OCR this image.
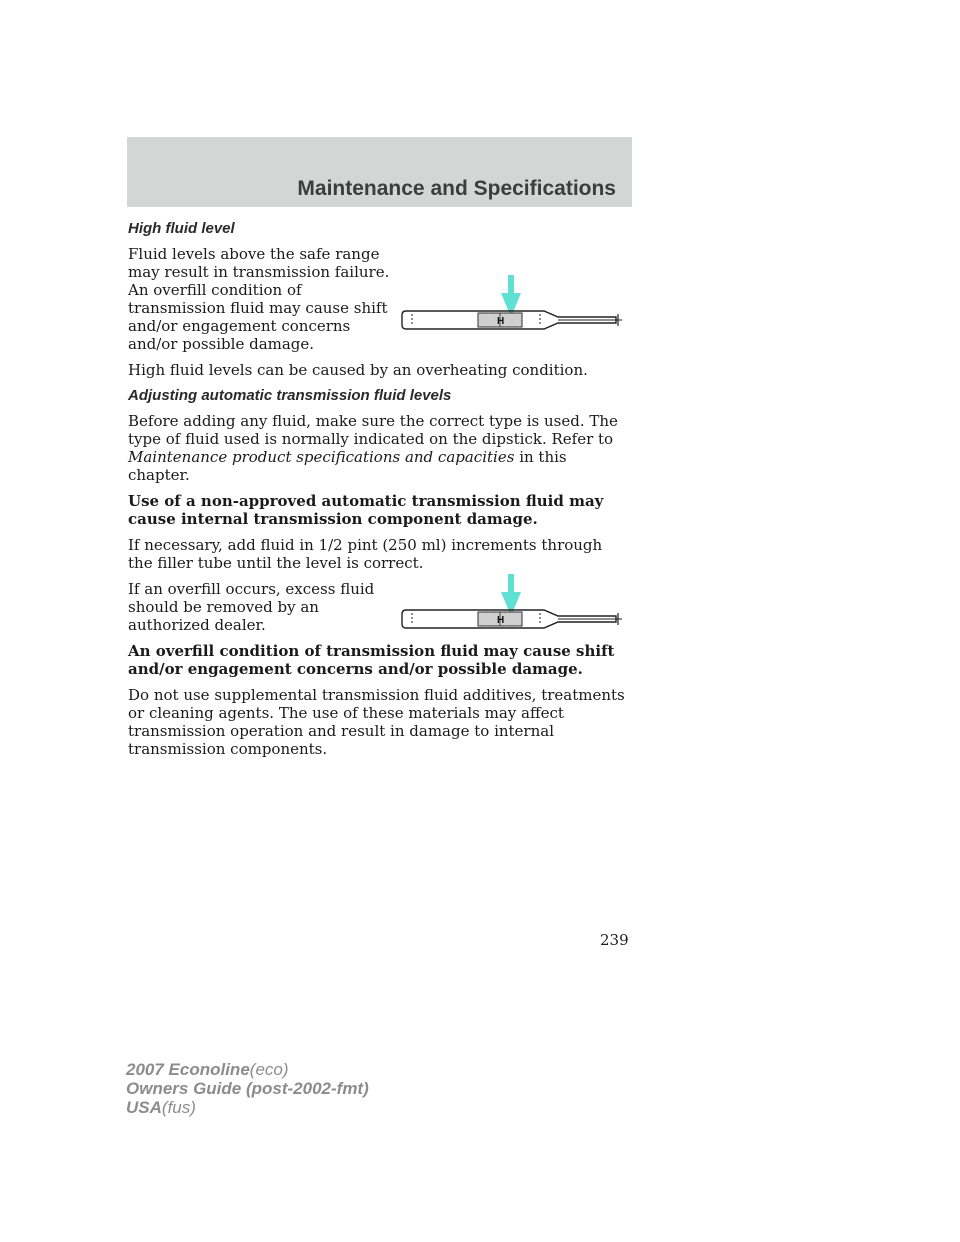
Maintenance and Specifications
High fluid level

Fluid levels above the safe range may result in transmission failure. An overfill condition of transmission fluid may cause shift and/or engagement concerns and/or possible damage.

H

High fluid levels can be caused by an overheating condition.

Adjusting automatic transmission fluid levels

Before adding any fluid, make sure the correct type is used. The type of fluid used is normally indicated on the dipstick. Refer to Maintenance product specifications and capacities in this chapter.

Use of a non-approved automatic transmission fluid may cause internal transmission component damage.

If necessary, add fluid in 1/2 pint (250 ml) increments through the filler tube until the level is correct.

If an overfill occurs, excess fluid should be removed by an authorized dealer.	H

An overfill condition of transmission fluid may cause shift and/or engagement concerns and/or possible damage.

Do not use supplemental transmission fluid additives, treatments or cleaning agents. The use of these materials may affect transmission operation and result in damage to internal transmission components.

239
2007 Econoline(eco)
Owners Guide (post-2002-fmt)
USA(fus)
